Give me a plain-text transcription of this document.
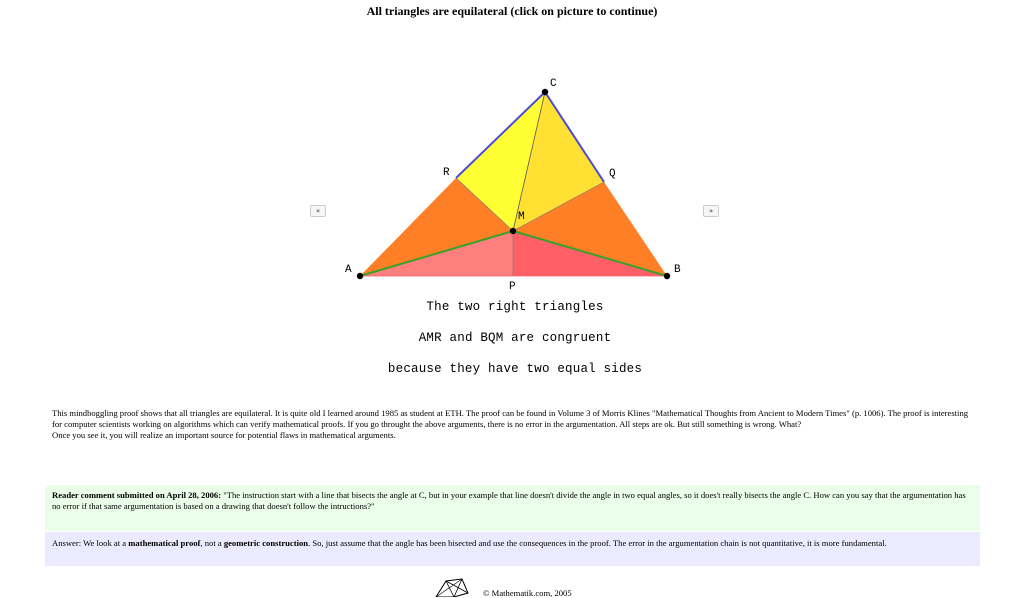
All triangles are equilateral (click on picture to continue)
«	»
A	B
C
R	Q
M
P
The two right triangles
AMR and BQM are congruent
because they have two equal sides
This mindboggling proof shows that all triangles are equilateral. It is quite old I learned around 1985 as student at ETH. The proof can be found in Volume 3 of Morris Klines "Mathematical Thoughts from Ancient to Modern Times" (p. 1006). The proof is interesting for computer scientists working on algorithms which can verify mathematical proofs. If you go throught the above arguments, there is no error in the argumentation. All steps are ok. But still something is wrong. What?
Once you see it, you will realize an important source for potential flaws in mathematical arguments.
Reader comment submitted on April 28, 2006: "The instruction start with a line that bisects the angle at C, but in your example that line doesn't divide the angle in two equal angles, so it does't really bisects the angle C. How can you say that the argumentation has no error if that same argumentation is based on a drawing that doesn't follow the intructions?"
Answer: We look at a mathematical proof, not a geometric construction. So, just assume that the angle has been bisected and use the consequences in the proof. The error in the argumentation chain is not quantitative, it is more fundamental.
© Mathematik.com, 2005
